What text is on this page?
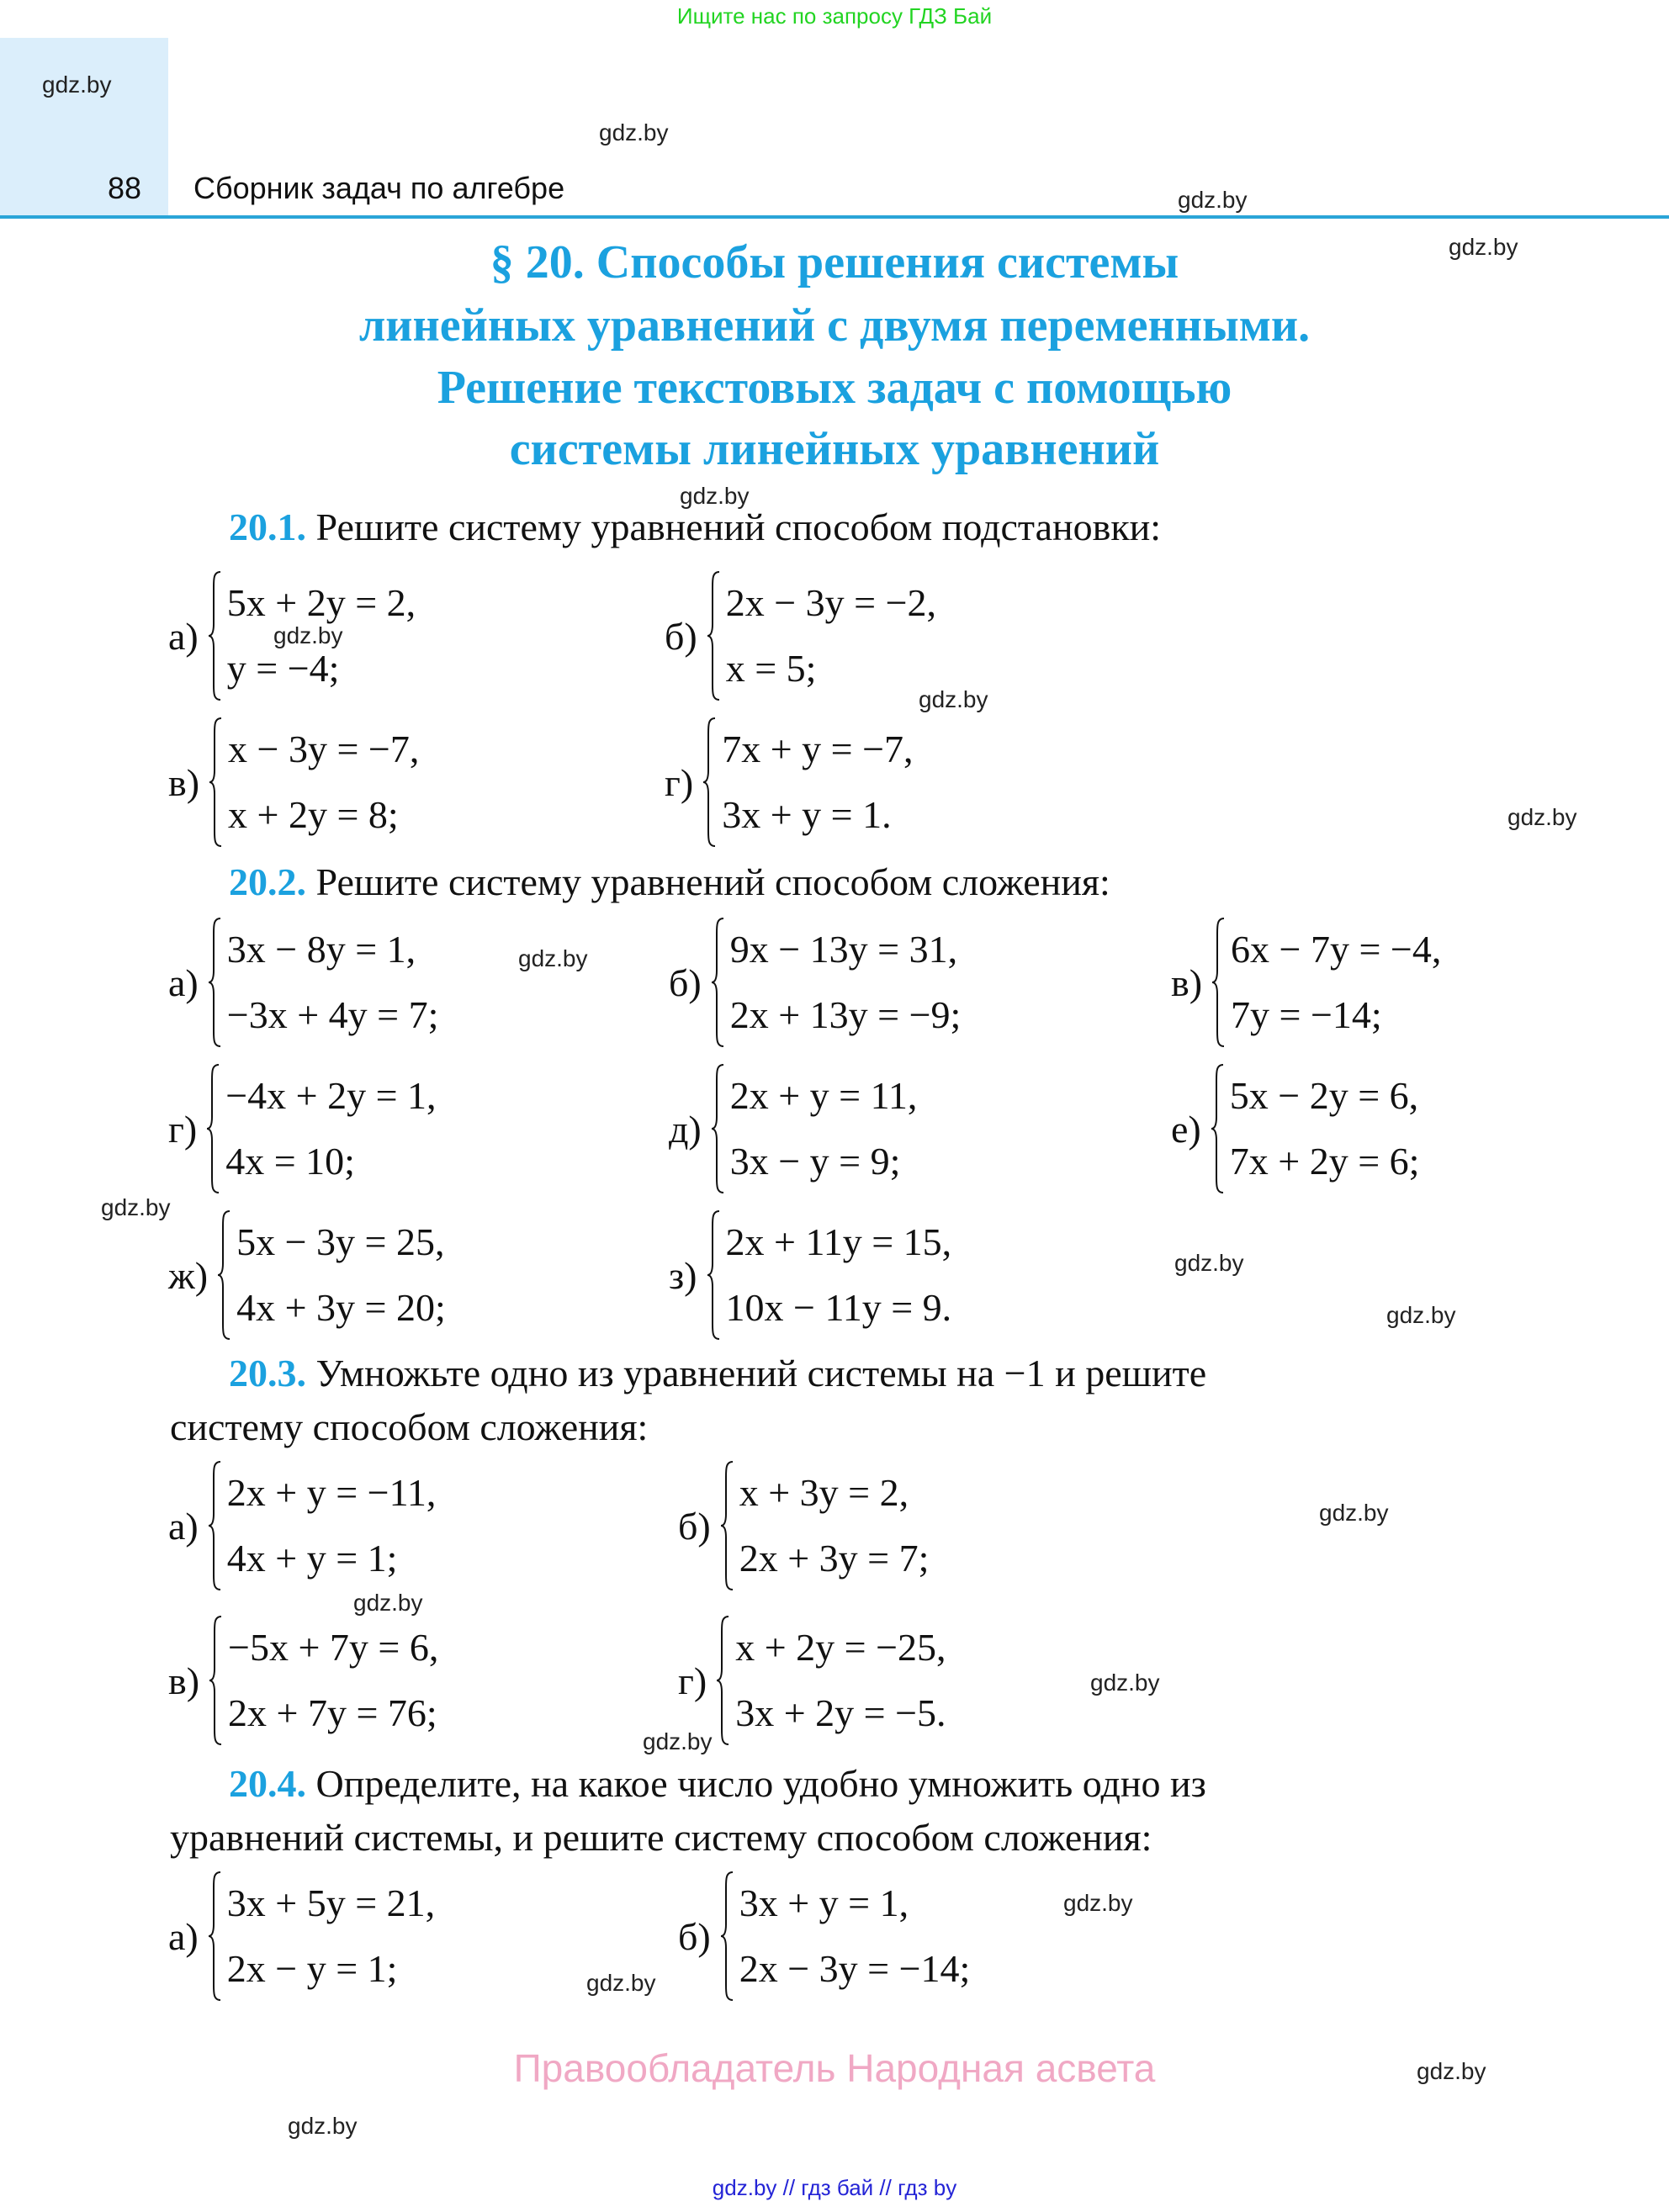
Ищите нас по запросу ГДЗ Бай
88 Сборник задач по алгебре
gdz.by
gdz.by
gdz.by
gdz.by
gdz.by
gdz.by
gdz.by
gdz.by
gdz.by
gdz.by
gdz.by
gdz.by
gdz.by
gdz.by
gdz.by
gdz.by
gdz.by
gdz.by
gdz.by
gdz.by
§ 20. Способы решения системы
линейных уравнений с двумя переменными.
Решение текстовых задач с помощью
системы линейных уравнений
20.1. Решите систему уравнений способом подстановки:
а)
5x + 2y = 2,
y = −4;
б)
2x − 3y = −2,
x = 5;
в)
x − 3y = −7,
x + 2y = 8;
г)
7x + y = −7,
3x + y = 1.
20.2. Решите систему уравнений способом сложения:
а)
3x − 8y = 1,
−3x + 4y = 7;
б)
9x − 13y = 31,
2x + 13y = −9;
в)
6x − 7y = −4,
7y = −14;
г)
−4x + 2y = 1,
4x = 10;
д)
2x + y = 11,
3x − y = 9;
е)
5x − 2y = 6,
7x + 2y = 6;
ж)
5x − 3y = 25,
4x + 3y = 20;
з)
2x + 11y = 15,
10x − 11y = 9.
20.3. Умножьте одно из уравнений системы на −1 и решите
систему способом сложения:
а)
2x + y = −11,
4x + y = 1;
б)
x + 3y = 2,
2x + 3y = 7;
в)
−5x + 7y = 6,
2x + 7y = 76;
г)
x + 2y = −25,
3x + 2y = −5.
20.4. Определите, на какое число удобно умножить одно из
уравнений системы, и решите систему способом сложения:
а)
3x + 5y = 21,
2x − y = 1;
б)
3x + y = 1,
2x − 3y = −14;
Правообладатель Народная асвета
gdz.by // гдз бай // гдз by
